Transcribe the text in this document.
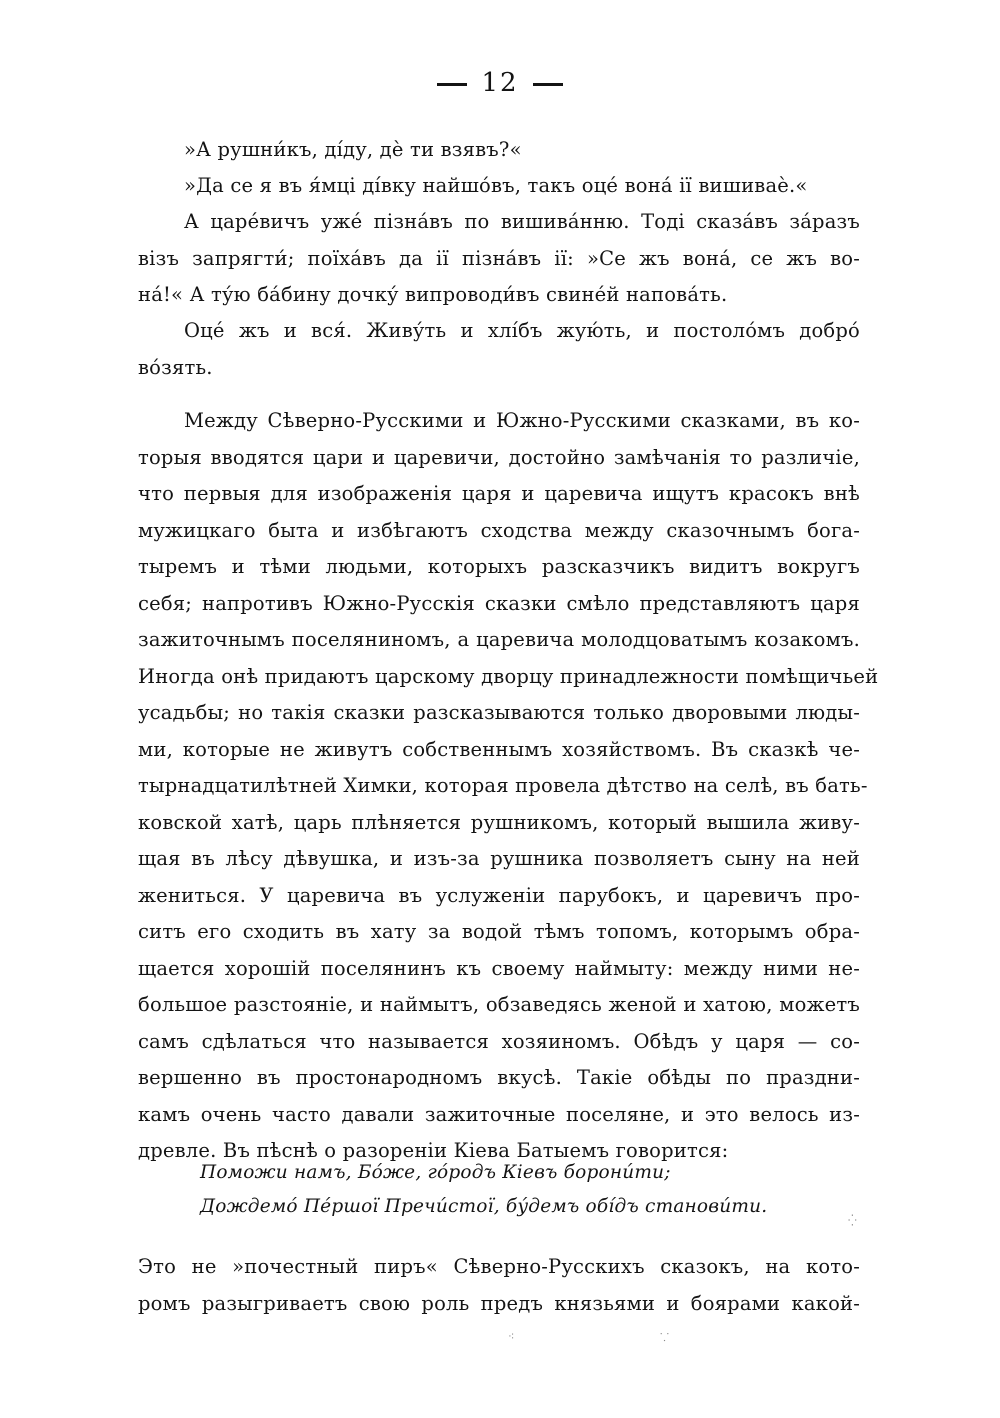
12
»А рушни́къ, дíду, дè ти взявъ?«
»Да се я въ я́мці дíвку найшо́въ, такъ оцé вона́ ії вишиваè.«
А царéвичъ ужé пізна́въ по вишива́нню. Тоді сказа́въ за́разъ
візъ запрягти́; поïха́въ да ії пізна́въ ії: »Се жъ вона́, се жъ во-
на́!« А ту́ю ба́бину дочку́ випроводи́въ свине́й напова́ть.
Оцé жъ и вся́. Живу́ть и хлíбъ жую́ть, и постоло́мъ добро́
во́зять.
Между Сѣверно-Русскими и Южно-Русскими сказками, въ ко-
торыя вводятся цари и царевичи, достойно замѣчанія то различіе,
что первыя для изображенія царя и царевича ищутъ красокъ внѣ
мужицкаго быта и избѣгаютъ сходства между сказочнымъ бога-
тыремъ и тѣми людьми, которыхъ разсказчикъ видитъ вокругъ
себя; напротивъ Южно-Русскія сказки смѣло представляютъ царя
зажиточнымъ поселяниномъ, а царевича молодцоватымъ козакомъ.
Иногда онѣ придаютъ царскому дворцу принадлежности помѣщичьей
усадьбы; но такія сказки разсказываются только дворовыми люды-
ми, которые не живутъ собственнымъ хозяйствомъ. Въ сказкѣ че-
тырнадцатилѣтней Химки, которая провела дѣтство на селѣ, въ бать-
ковской хатѣ, царь плѣняется рушникомъ, который вышила живу-
щая въ лѣсу дѣвушка, и изъ-за рушника позволяетъ сыну на ней
жениться. У царевича въ услуженіи парубокъ, и царевичъ про-
ситъ его сходить въ хату за водой тѣмъ топомъ, которымъ обра-
щается хорошій поселянинъ къ своему наймыту: между ними не-
большое разстояніе, и наймытъ, обзаведясь женой и хатою, можетъ
самъ сдѣлаться что называется хозяиномъ. Обѣдъ у царя — со-
вершенно въ простонародномъ вкусѣ. Такіе обѣды по праздни-
камъ очень часто давали зажиточные поселяне, и это велось из-
древле. Въ пѣснѣ о разореніи Кіева Батыемъ говорится:
Поможи намъ, Бо́же, го́родъ Кіевъ борони́ти;
Дождемо́ Пе́ршої Пречи́стої, бу́демъ обі́дъ станови́ти.
Это не »почестный пиръ« Сѣверно-Русскихъ сказокъ, на кото-
ромъ разыгриваетъ свою роль предъ князьями и боярами какой-
⁛
⁖	⸪
